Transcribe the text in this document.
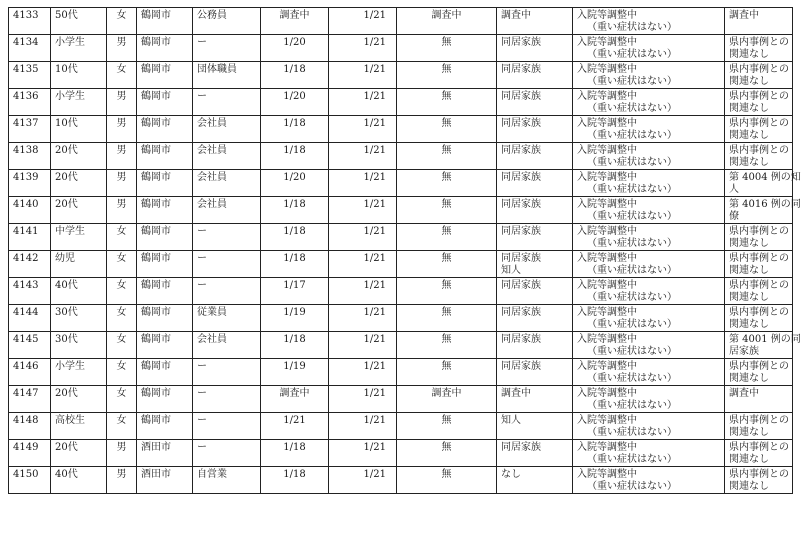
4133	50代	女	鶴岡市	公務員	調査中	1/21	調査中	調査中	入院等調整中
（重い症状はない）	調査中

4134	小学生	男	鶴岡市	ー	1/20	1/21	無	同居家族	入院等調整中
（重い症状はない）	県内事例との
関連なし

4135	10代	女	鶴岡市	団体職員	1/18	1/21	無	同居家族	入院等調整中
（重い症状はない）	県内事例との
関連なし

4136	小学生	男	鶴岡市	ー	1/20	1/21	無	同居家族	入院等調整中
（重い症状はない）	県内事例との
関連なし

4137	10代	男	鶴岡市	会社員	1/18	1/21	無	同居家族	入院等調整中
（重い症状はない）	県内事例との
関連なし

4138	20代	男	鶴岡市	会社員	1/18	1/21	無	同居家族	入院等調整中
（重い症状はない）	県内事例との
関連なし

4139	20代	男	鶴岡市	会社員	1/20	1/21	無	同居家族	入院等調整中
（重い症状はない）	第 4004 例の知
人

4140	20代	男	鶴岡市	会社員	1/18	1/21	無	同居家族	入院等調整中
（重い症状はない）	第 4016 例の同
僚

4141	中学生	女	鶴岡市	ー	1/18	1/21	無	同居家族	入院等調整中
（重い症状はない）	県内事例との
関連なし

4142	幼児	女	鶴岡市	ー	1/18	1/21	無	同居家族
知人	入院等調整中
（重い症状はない）	県内事例との
関連なし

4143	40代	女	鶴岡市	ー	1/17	1/21	無	同居家族	入院等調整中
（重い症状はない）	県内事例との
関連なし

4144	30代	女	鶴岡市	従業員	1/19	1/21	無	同居家族	入院等調整中
（重い症状はない）	県内事例との
関連なし

4145	30代	女	鶴岡市	会社員	1/18	1/21	無	同居家族	入院等調整中
（重い症状はない）	第 4001 例の同
居家族

4146	小学生	女	鶴岡市	ー	1/19	1/21	無	同居家族	入院等調整中
（重い症状はない）	県内事例との
関連なし

4147	20代	女	鶴岡市	ー	調査中	1/21	調査中	調査中	入院等調整中
（重い症状はない）	調査中

4148	高校生	女	鶴岡市	ー	1/21	1/21	無	知人	入院等調整中
（重い症状はない）	県内事例との
関連なし

4149	20代	男	酒田市	ー	1/18	1/21	無	同居家族	入院等調整中
（重い症状はない）	県内事例との
関連なし

4150	40代	男	酒田市	自営業	1/18	1/21	無	なし	入院等調整中
（重い症状はない）	県内事例との
関連なし
